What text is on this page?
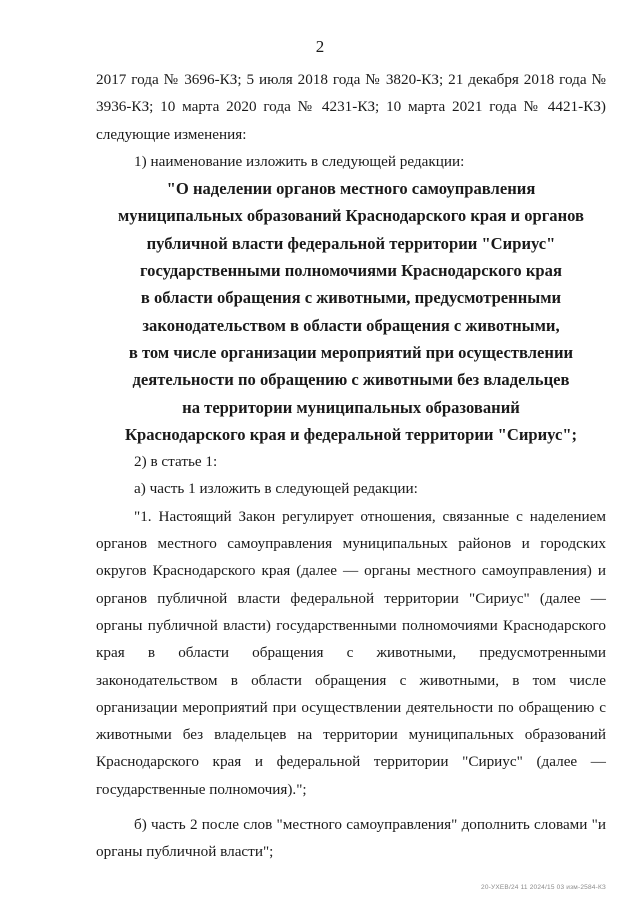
2

2017 года № 3696-КЗ; 5 июля 2018 года № 3820-КЗ; 21 декабря 2018 года № 3936-КЗ; 10 марта 2020 года № 4231-КЗ; 10 марта 2021 года № 4421-КЗ) следующие изменения:

1) наименование изложить в следующей редакции:

"О наделении органов местного самоуправления
муниципальных образований Краснодарского края и органов
публичной власти федеральной территории "Сириус"
государственными полномочиями Краснодарского края
в области обращения с животными, предусмотренными
законодательством в области обращения с животными,
в том числе организации мероприятий при осуществлении
деятельности по обращению с животными без владельцев
на территории муниципальных образований
Краснодарского края и федеральной территории "Сириус";

2) в статье 1:

а) часть 1 изложить в следующей редакции:

"1. Настоящий Закон регулирует отношения, связанные с наделением органов местного самоуправления муниципальных районов и городских округов Краснодарского края (далее — органы местного самоуправления) и органов публичной власти федеральной территории "Сириус" (далее — органы публичной власти) государственными полномочиями Краснодарского края в области обращения с животными, предусмотренными законодательством в области обращения с животными, в том числе организации мероприятий при осуществлении деятельности по обращению с животными без владельцев на территории муниципальных образований Краснодарского края и федеральной территории "Сириус" (далее — государственные полномочия).";

б) часть 2 после слов "местного самоуправления" дополнить словами "и органы публичной власти";

20-УХЕВ/24 11 2024/15 03 изм-2584-КЗ
